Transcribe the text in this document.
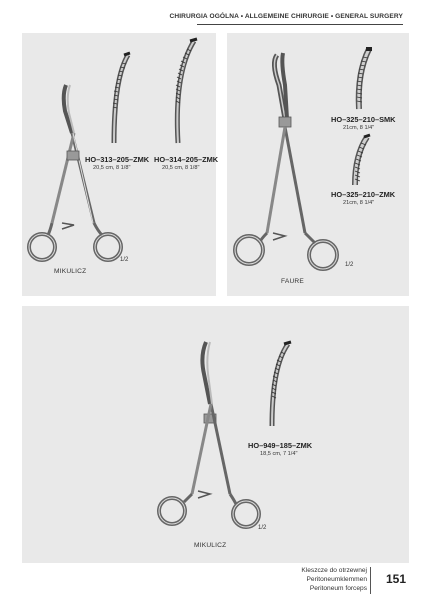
CHIRURGIA OGÓLNA • ALLGEMEINE CHIRURGIE • GENERAL SURGERY
HO–313–205–ZMK
20,5 cm, 8 1/8"
HO–314–205–ZMK
20,5 cm, 8 1/8"
MIKULICZ
1/2
HO–325–210–SMK
21cm, 8 1/4"
HO–325–210–ZMK
21cm, 8 1/4"
FAURE
1/2
HO–949–185–ZMK
18,5 cm, 7 1/4"
MIKULICZ
1/2
Kleszcze do otrzewnej
Peritoneumklemmen
Peritoneum forceps
151
